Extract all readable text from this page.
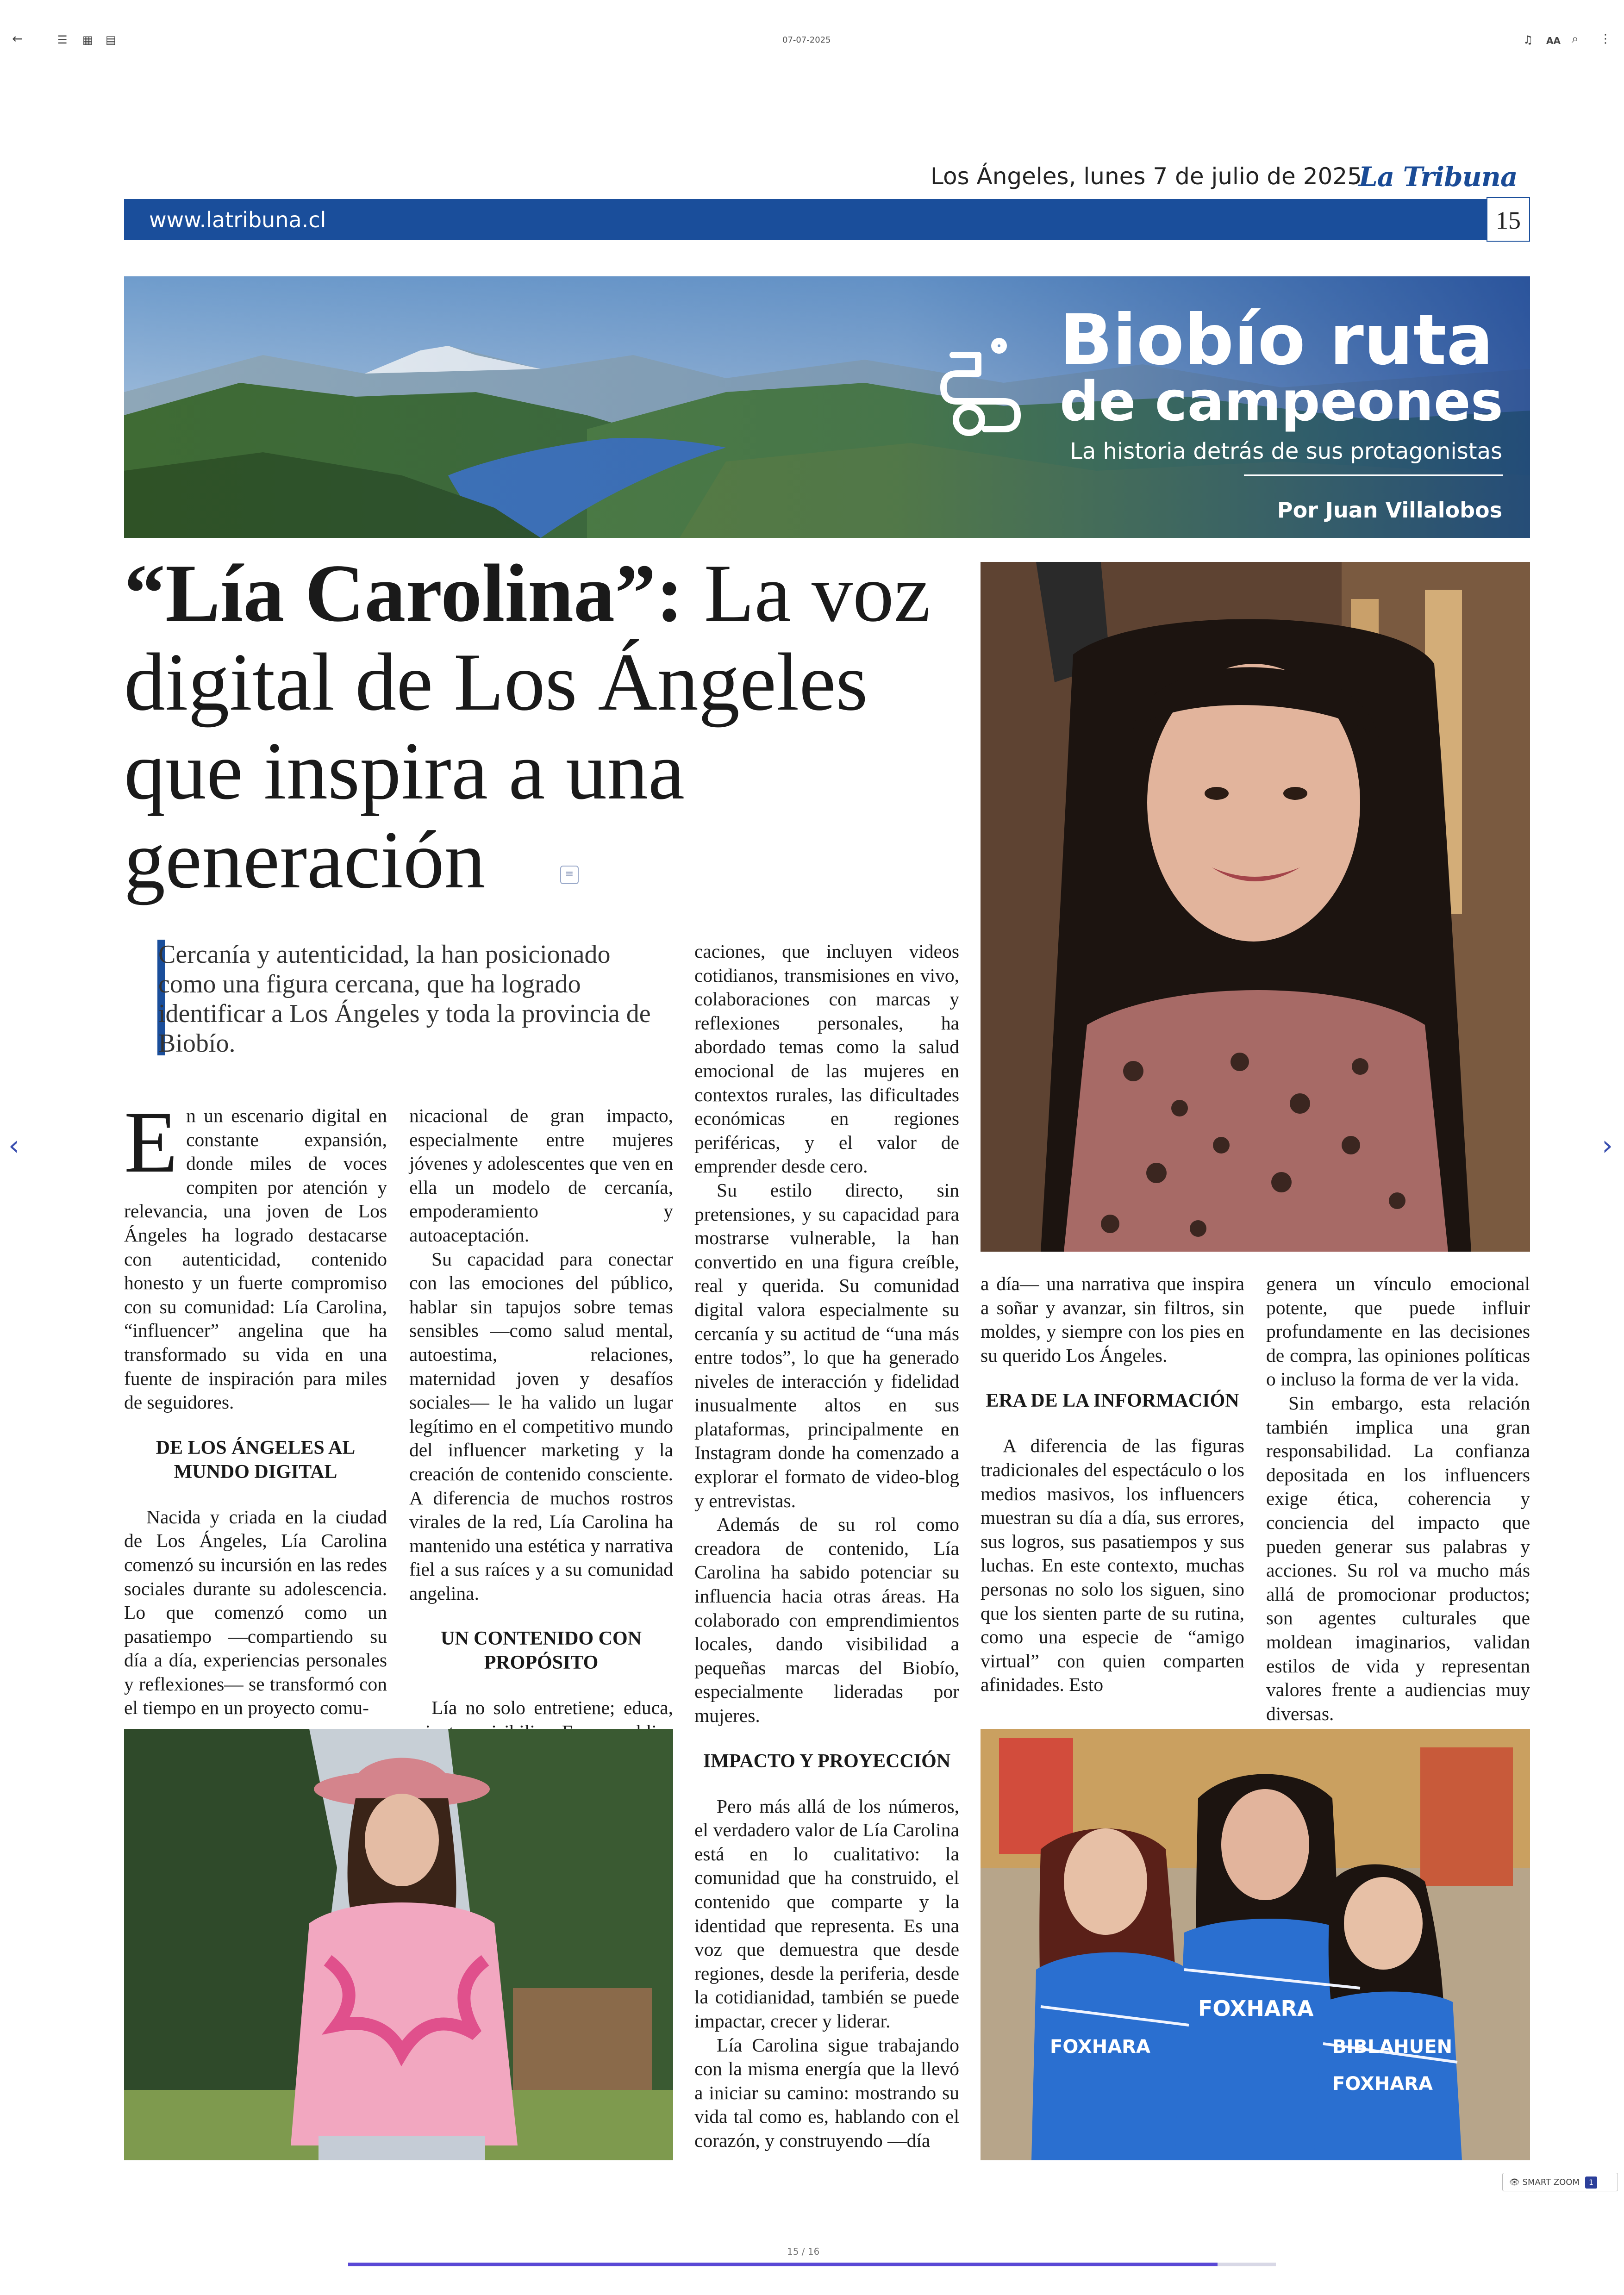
←	☰ ▦ ▤	07-07-2025	♫ AA ⌕ ⋮
‹	›
Los Ángeles, lunes 7 de julio de 2025
La Tribuna
www.latribuna.cl	15
Biobío ruta
de campeones
La historia detrás de sus protagonistas
Por Juan Villalobos
“Lía Carolina”: La voz digital de Los Ángeles que inspira a una generación	≡
Cercanía y autenticidad, la han posicionado como una figura cercana, que ha logrado identificar a Los Ángeles y toda la provincia de Biobío.

En un escenario digital en constante expansión, donde miles de voces compiten por atención y relevancia, una joven de Los Ángeles ha logrado destacarse con autenticidad, contenido honesto y un fuerte compromiso con su comunidad: Lía Carolina, “influencer” angelina que ha transformado su vida en una fuente de inspiración para miles de seguidores.

DE LOS ÁNGELES AL MUNDO DIGITAL

Nacida y criada en la ciudad de Los Ángeles, Lía Carolina comenzó su incursión en las redes sociales durante su adolescencia. Lo que comenzó como un pasatiempo —compartiendo su día a día, experiencias personales y reflexiones— se transformó con el tiempo en un proyecto comu-

nicacional de gran impacto, especialmente entre mujeres jóvenes y adolescentes que ven en ella un modelo de cercanía, empoderamiento y autoaceptación.

Su capacidad para conectar con las emociones del público, hablar sin tapujos sobre temas sensibles —como salud mental, autoestima, relaciones, maternidad joven y desafíos sociales— le ha valido un lugar legítimo en el competitivo mundo del influencer marketing y la creación de contenido consciente. A diferencia de muchos rostros virales de la red, Lía Carolina ha mantenido una estética y narrativa fiel a sus raíces y a su comunidad angelina.

UN CONTENIDO CON PROPÓSITO

Lía no solo entretiene; educa,

caciones, que incluyen videos cotidianos, transmisiones en vivo, colaboraciones con marcas y reflexiones personales, ha abordado temas como la salud emocional de las mujeres en contextos rurales, las dificultades económicas en regiones periféricas, y el valor de emprender desde cero.

Su estilo directo, sin pretensiones, y su capacidad para mostrarse vulnerable, la han convertido en una figura creíble, real y querida. Su comunidad digital valora especialmente su cercanía y su actitud de “una más entre todos”, lo que ha generado niveles de interacción y fidelidad inusualmente altos en sus plataformas, principalmente en Instagram donde ha comenzado a explorar el formato de video-blog y entrevistas.

Además de su rol como creadora de contenido, Lía Carolina ha sabido potenciar su influencia hacia otras áreas. Ha colaborado con emprendimientos locales, dando visibilidad a pequeñas marcas del Biobío, especialmente lideradas por mujeres.

IMPACTO Y PROYECCIÓN

Pero más allá de los números, el verdadero valor de Lía Carolina está en lo cualitativo: la comunidad que ha construido, el contenido que comparte y la identidad que representa. Es una voz que demuestra que desde regiones, desde la periferia, desde la cotidianidad, también se puede impactar, crecer y liderar.

Lía Carolina sigue trabajando con la misma energía que la llevó a iniciar su camino: mostrando su vida tal como es, hablando con el corazón, y construyendo —día

a día— una narrativa que inspira a soñar y avanzar, sin filtros, sin moldes, y siempre con los pies en su querido Los Ángeles.

ERA DE LA INFORMACIÓN

A diferencia de las figuras tradicionales del espectáculo o los medios masivos, los influencers muestran su día a día, sus errores, sus logros, sus pasatiempos y sus luchas. En este contexto, muchas personas no solo los siguen, sino que los sienten parte de su rutina, como una especie de “amigo virtual” con quien comparten afinidades. Esto

genera un vínculo emocional potente, que puede influir profundamente en las decisiones de compra, las opiniones políticas o incluso la forma de ver la vida.

Sin embargo, esta relación también implica una gran responsabilidad. La confianza depositada en los influencers exige ética, coherencia y conciencia del impacto que pueden generar sus palabras y acciones. Su rol va mucho más allá de promocionar productos; son agentes culturales que moldean imaginarios, validan estilos de vida y representan valores frente a audiencias muy diversas.

FOXHARA
FOXHARA
FOXHARA
BIBLAHUEN
👁 SMART ZOOM 1
15 / 16
